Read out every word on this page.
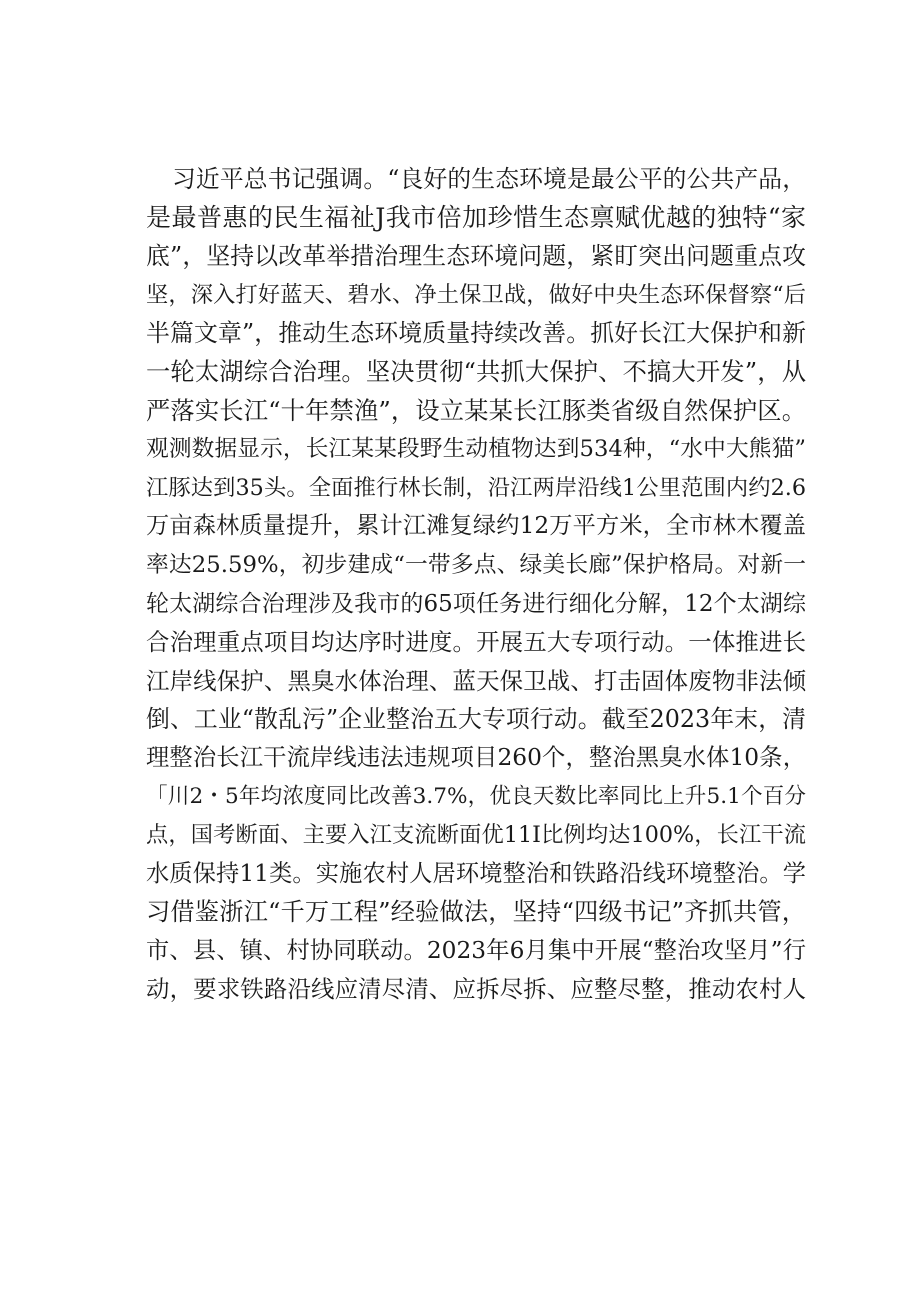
习近平总书记强调。“良好的生态环境是最公平的公共产品，
是最普惠的民生福祉J我市倍加珍惜生态禀赋优越的独特“家
底”，坚持以改革举措治理生态环境问题，紧盯突出问题重点攻
坚，深入打好蓝天、碧水、净土保卫战，做好中央生态环保督察“后
半篇文章”，推动生态环境质量持续改善。抓好长江大保护和新
一轮太湖综合治理。坚决贯彻“共抓大保护、不搞大开发”，从
严落实长江“十年禁渔”，设立某某长江豚类省级自然保护区。
观测数据显示，长江某某段野生动植物达到534种，“水中大熊猫”
江豚达到35头。全面推行林长制，沿江两岸沿线1公里范围内约2.6
万亩森林质量提升，累计江滩复绿约12万平方米，全市林木覆盖
率达25.59%，初步建成“一带多点、绿美长廊”保护格局。对新一
轮太湖综合治理涉及我市的65项任务进行细化分解，12个太湖综
合治理重点项目均达序时进度。开展五大专项行动。一体推进长
江岸线保护、黑臭水体治理、蓝天保卫战、打击固体废物非法倾
倒、工业“散乱污”企业整治五大专项行动。截至2023年末，清
理整治长江干流岸线违法违规项目260个，整治黑臭水体10条，
「川2・5年均浓度同比改善3.7%，优良天数比率同比上升5.1个百分
点，国考断面、主要入江支流断面优11I比例均达100%，长江干流
水质保持11类。实施农村人居环境整治和铁路沿线环境整治。学
习借鉴浙江“千万工程”经验做法，坚持“四级书记”齐抓共管，
市、县、镇、村协同联动。2023年6月集中开展“整治攻坚月”行
动，要求铁路沿线应清尽清、应拆尽拆、应整尽整，推动农村人
